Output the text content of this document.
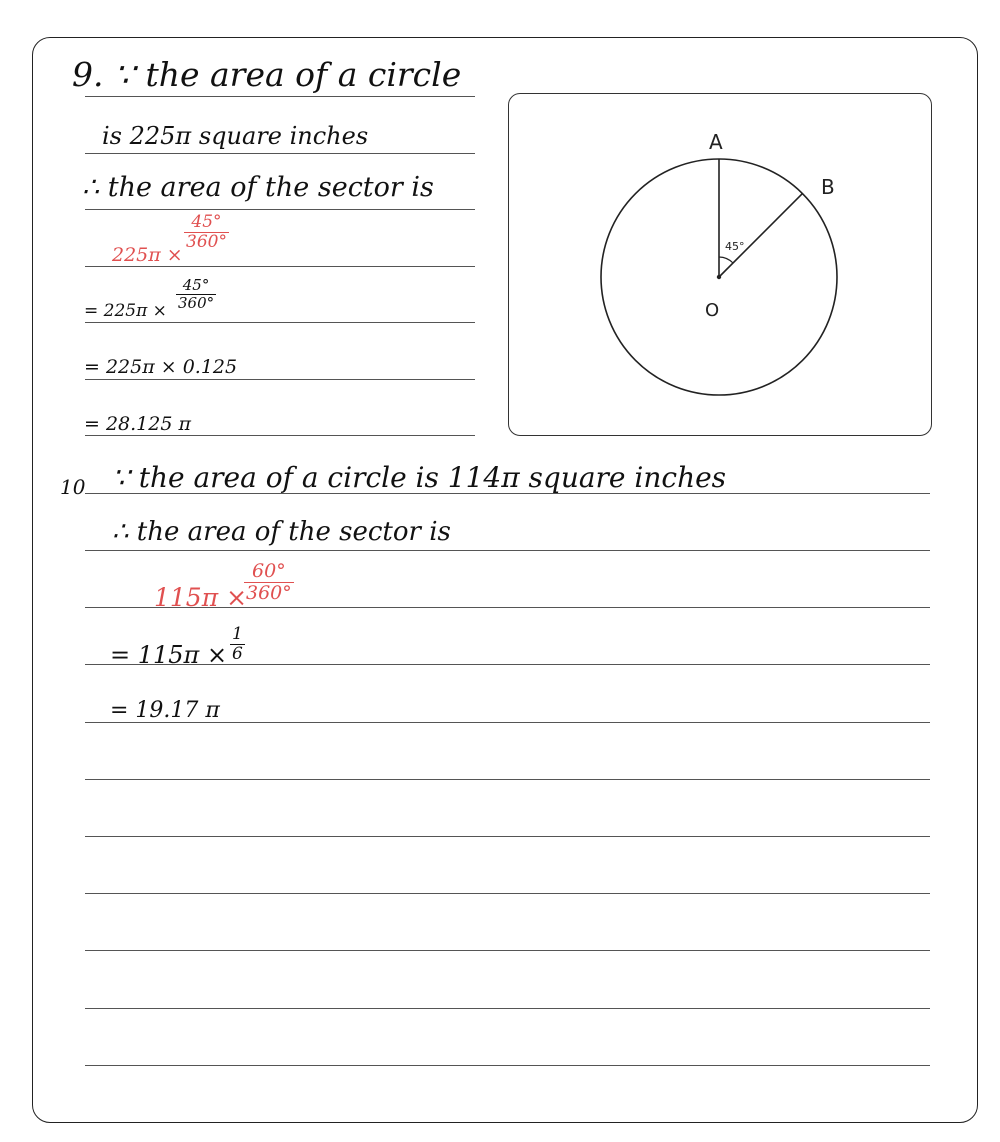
9. ∵ the area of a circle
is 225π square inches
∴ the area of the sector is
225π ×
$\frac{45^\circ}{360^\circ}$
= $225\pi \times \frac{45^\circ}{360^\circ}$
= 225π × 0.125
= 28.125 π
A
B
O
45°
10 ∵ the area of a circle is 114π square inches
∴ the area of the sector is
115π ×
$\frac{60^\circ}{360^\circ}$
= $115\pi \times \frac{1}{6}$
= 19.17 π
